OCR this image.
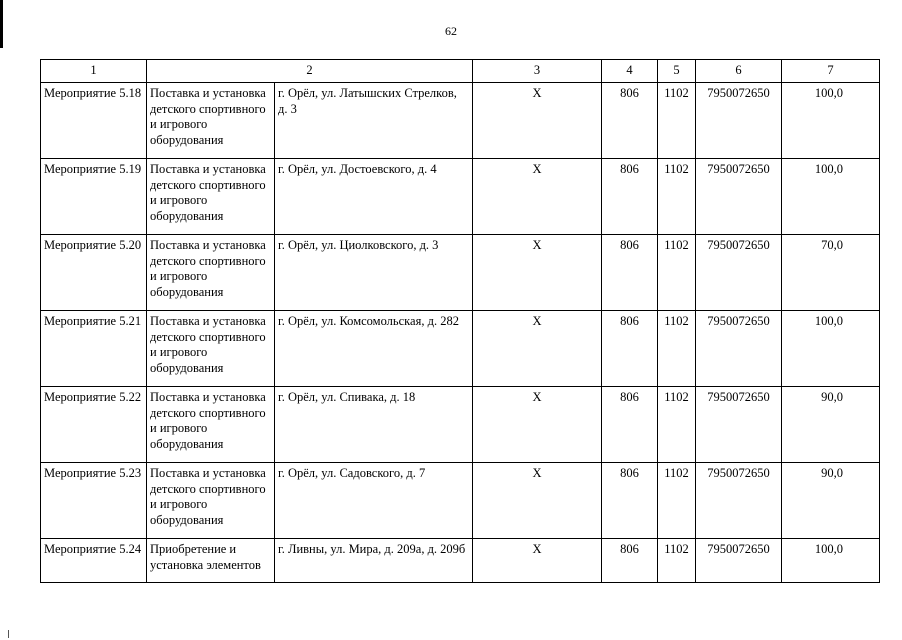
62
1	2		3	4	5	6	7
Мероприятие 5.18	Поставка и установка детского спортивного и игрового оборудования	г. Орёл, ул. Латышских Стрелков, д. 3	X	806	1102	7950072650	100,0
Мероприятие 5.19	Поставка и установка детского спортивного и игрового оборудования	г. Орёл, ул. Достоевского, д. 4	X	806	1102	7950072650	100,0
Мероприятие 5.20	Поставка и установка детского спортивного и игрового оборудования	г. Орёл, ул. Циолковского, д. 3	X	806	1102	7950072650	70,0
Мероприятие 5.21	Поставка и установка детского спортивного и игрового оборудования	г. Орёл, ул. Комсомольская, д. 282	X	806	1102	7950072650	100,0
Мероприятие 5.22	Поставка и установка детского спортивного и игрового оборудования	г. Орёл, ул. Спивака, д. 18	X	806	1102	7950072650	90,0
Мероприятие 5.23	Поставка и установка детского спортивного и игрового оборудования	г. Орёл, ул. Садовского, д. 7	X	806	1102	7950072650	90,0
Мероприятие 5.24	Приобретение и установка элементов	г. Ливны, ул. Мира, д. 209а, д. 209б	X	806	1102	7950072650	100,0
